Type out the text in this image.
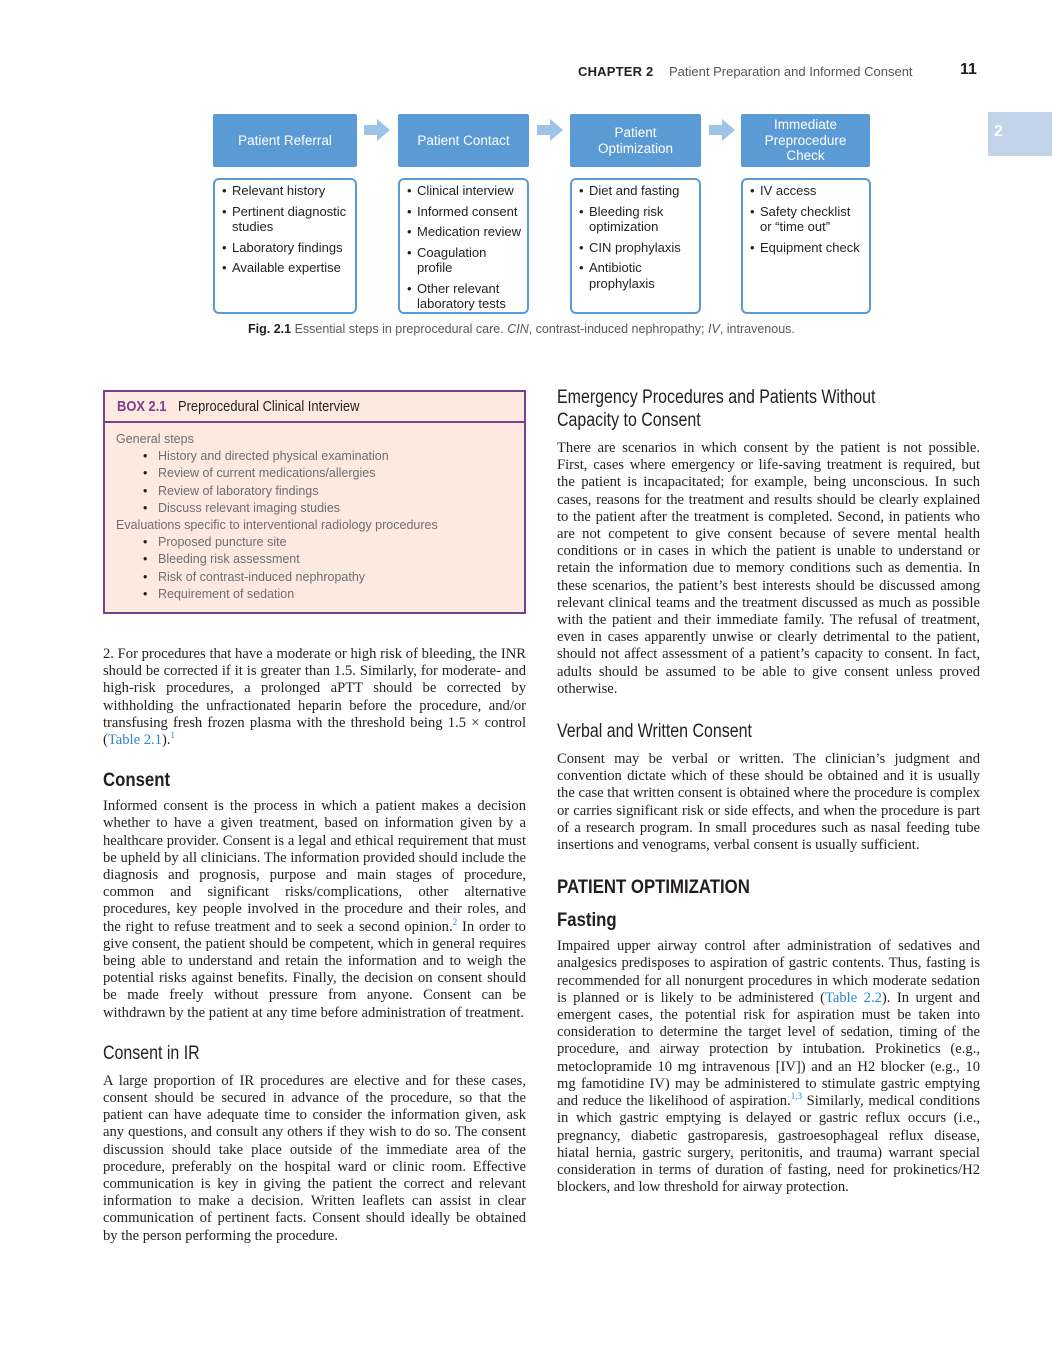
CHAPTER 2 Patient Preparation and Informed Consent	11
2
Patient Referral	Patient Contact
Patient Optimization
Immediate Preprocedure Check
• Relevant history
• Pertinent diagnostic studies
• Laboratory findings
• Available expertise
• Clinical interview
• Informed consent
• Medication review
• Coagulation profile
• Other relevant laboratory tests
• Diet and fasting
• Bleeding risk optimization
• CIN prophylaxis
• Antibiotic prophylaxis
• IV access
• Safety checklist or “time out”
• Equipment check
Fig. 2.1 Essential steps in preprocedural care. CIN, contrast-induced nephropathy; IV, intravenous.
BOX 2.1 Preprocedural Clinical Interview

General steps

• History and directed physical examination
• Review of current medications/allergies
• Review of laboratory findings
• Discuss relevant imaging studies

Evaluations specific to interventional radiology procedures

• Proposed puncture site
• Bleeding risk assessment
• Risk of contrast-induced nephropathy
• Requirement of sedation

2. For procedures that have a moderate or high risk of bleeding, the INR should be corrected if it is greater than 1.5. Similarly, for moderate- and high-risk procedures, a prolonged aPTT should be corrected by withholding the unfractionated heparin before the procedure, and/or transfusing fresh frozen plasma with the threshold being 1.5 × control (Table 2.1).$^1$

Consent

Informed consent is the process in which a patient makes a decision whether to have a given treatment, based on information given by a healthcare provider. Consent is a legal and ethical requirement that must be upheld by all clinicians. The information provided should include the diagnosis and prognosis, purpose and main stages of procedure, common and significant risks/complications, other alternative procedures, key people involved in the procedure and their roles, and the right to refuse treatment and to seek a second opinion.$^2$ In order to give consent, the patient should be competent, which in general requires being able to understand and retain the information and to weigh the potential risks against benefits. Finally, the decision on consent should be made freely without pressure from anyone. Consent can be withdrawn by the patient at any time before administration of treatment.

Consent in IR

A large proportion of IR procedures are elective and for these cases, consent should be secured in advance of the procedure, so that the patient can have adequate time to consider the information given, ask any questions, and consult any others if they wish to do so. The consent discussion should take place outside of the immediate area of the procedure, preferably on the hospital ward or clinic room. Effective communication is key in giving the patient the correct and relevant information to make a decision. Written leaflets can assist in clear communication of pertinent facts. Consent should ideally be obtained by the person performing the procedure.

Emergency Procedures and Patients Without
Capacity to Consent

There are scenarios in which consent by the patient is not possible. First, cases where emergency or life-saving treatment is required, but the patient is incapacitated; for example, being unconscious. In such cases, reasons for the treatment and results should be clearly explained to the patient after the treatment is completed. Second, in patients who are not competent to give consent because of severe mental health conditions or in cases in which the patient is unable to understand or retain the information due to memory conditions such as dementia. In these scenarios, the patient’s best interests should be discussed among relevant clinical teams and the treatment discussed as much as possible with the patient and their immediate family. The refusal of treatment, even in cases apparently unwise or clearly detrimental to the patient, should not affect assessment of a patient’s capacity to consent. In fact, adults should be assumed to be able to give consent unless proved otherwise.

Verbal and Written Consent

Consent may be verbal or written. The clinician’s judgment and convention dictate which of these should be obtained and it is usually the case that written consent is obtained where the procedure is complex or carries significant risk or side effects, and when the procedure is part of a research program. In small procedures such as nasal feeding tube insertions and venograms, verbal consent is usually sufficient.

PATIENT OPTIMIZATION
Fasting

Impaired upper airway control after administration of sedatives and analgesics predisposes to aspiration of gastric contents. Thus, fasting is recommended for all nonurgent procedures in which moderate sedation is planned or is likely to be administered (Table 2.2). In urgent and emergent cases, the potential risk for aspiration must be taken into consideration to determine the target level of sedation, timing of the procedure, and airway protection by intubation. Prokinetics (e.g., metoclopramide 10 mg intravenous [IV]) and an H2 blocker (e.g., 10 mg famotidine IV) may be administered to stimulate gastric emptying and reduce the likelihood of aspiration.$^{1,3}$ Similarly, medical conditions in which gastric emptying is delayed or gastric reflux occurs (i.e., pregnancy, diabetic gastroparesis, gastroesophageal reflux disease, hiatal hernia, gastric surgery, peritonitis, and trauma) warrant special consideration in terms of duration of fasting, need for prokinetics/H2 blockers, and low threshold for airway protection.
